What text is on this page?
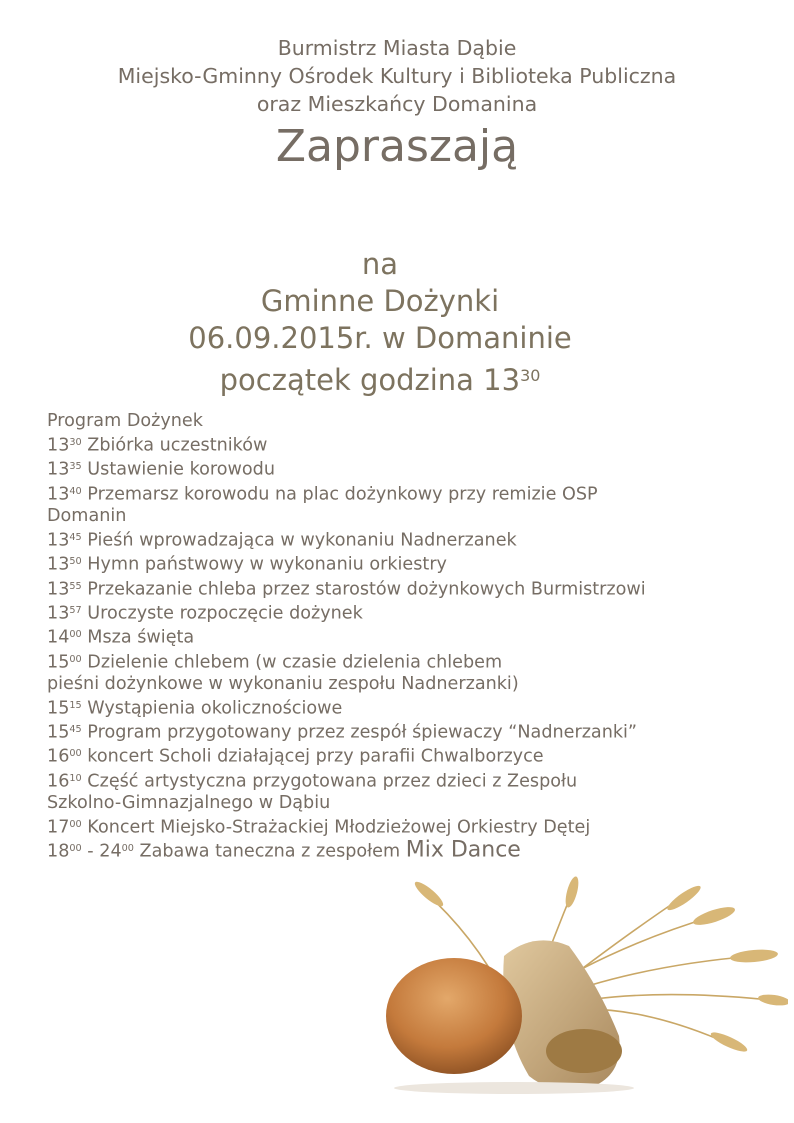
Burmistrz Miasta Dąbie
Miejsko-Gminny Ośrodek Kultury i Biblioteka Publiczna
oraz Mieszkańcy Domanina
Zapraszają
na
Gminne Dożynki
06.09.2015r. w Domaninie
początek godzina $13^{30}$
Program Dożynek
$13^{30}$ Zbiórka uczestników
$13^{35}$ Ustawienie korowodu
$13^{40}$ Przemarsz korowodu na plac dożynkowy przy remizie OSP
Domanin
$13^{45}$ Pieśń wprowadzająca w wykonaniu Nadnerzanek
$13^{50}$ Hymn państwowy w wykonaniu orkiestry
$13^{55}$ Przekazanie chleba przez starostów dożynkowych Burmistrzowi
$13^{57}$ Uroczyste rozpoczęcie dożynek
$14^{00}$ Msza święta
$15^{00}$ Dzielenie chlebem (w czasie dzielenia chlebem
pieśni dożynkowe w wykonaniu zespołu Nadnerzanki)
$15^{15}$ Wystąpienia okolicznościowe
$15^{45}$ Program przygotowany przez zespół śpiewaczy “Nadnerzanki”
$16^{00}$ koncert Scholi działającej przy parafii Chwalborzyce
$16^{10}$ Część artystyczna przygotowana przez dzieci z Zespołu
Szkolno-Gimnazjalnego w Dąbiu
$17^{00}$ Koncert Miejsko-Strażackiej Młodzieżowej Orkiestry Dętej
$18^{00} - 24^{00}$ Zabawa taneczna z zespołem Mix Dance
